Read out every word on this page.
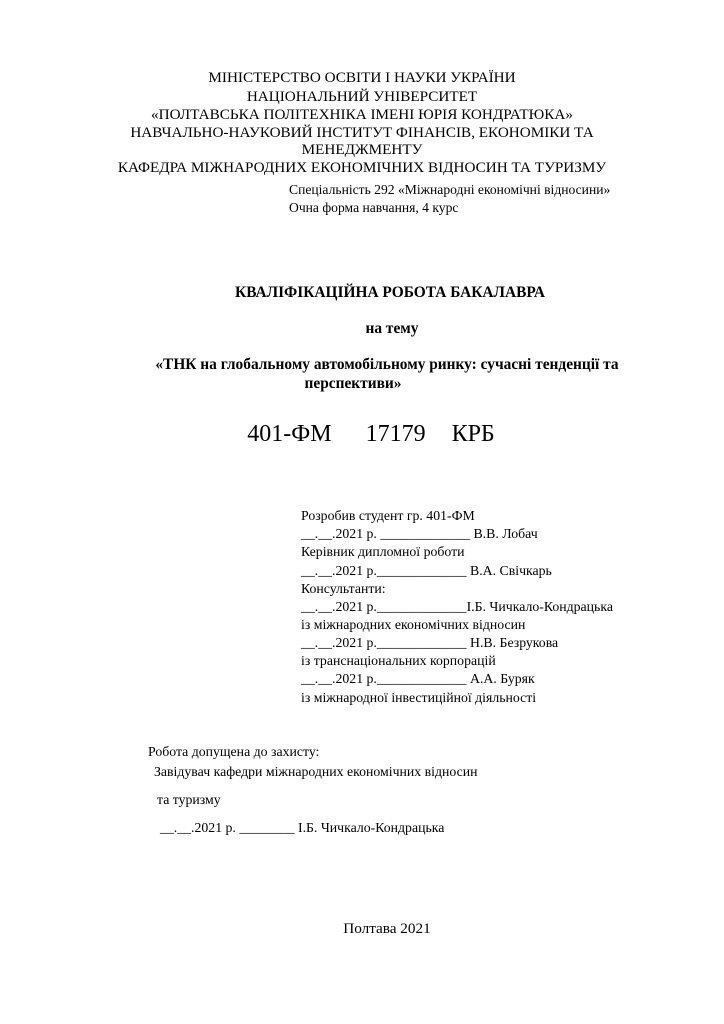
МІНІСТЕРСТВО ОСВІТИ І НАУКИ УКРАЇНИ
НАЦІОНАЛЬНИЙ УНІВЕРСИТЕТ
«ПОЛТАВСЬКА ПОЛІТЕХНІКА ІМЕНІ ЮРІЯ КОНДРАТЮКА»
НАВЧАЛЬНО-НАУКОВИЙ ІНСТИТУТ ФІНАНСІВ, ЕКОНОМІКИ ТА
МЕНЕДЖМЕНТУ
КАФЕДРА МІЖНАРОДНИХ ЕКОНОМІЧНИХ ВІДНОСИН ТА ТУРИЗМУ
Спеціальність 292 «Міжнародні економічні відносини»
Очна форма навчання, 4 курс
КВАЛІФІКАЦІЙНА РОБОТА БАКАЛАВРА
на тему
«ТНК на глобальному автомобільному ринку: сучасні тенденції та
перспективи»
401-ФМ 17179 КРБ
Розробив студент гр. 401-ФМ
__.__.2021 р. _____________ В.В. Лобач
Керівник дипломної роботи
__.__.2021 р._____________ В.А. Свічкарь
Консультанти:
__.__.2021 р._____________І.Б. Чичкало-Кондрацька
із міжнародних економічних відносин
__.__.2021 р._____________ Н.В. Безрукова
із транснаціональних корпорацій
__.__.2021 р._____________ А.А. Буряк
із міжнародної інвестиційної діяльності
Робота допущена до захисту:
Завідувач кафедри міжнародних економічних відносин
та туризму
__.__.2021 р. ________ І.Б. Чичкало-Кондрацька
Полтава 2021
